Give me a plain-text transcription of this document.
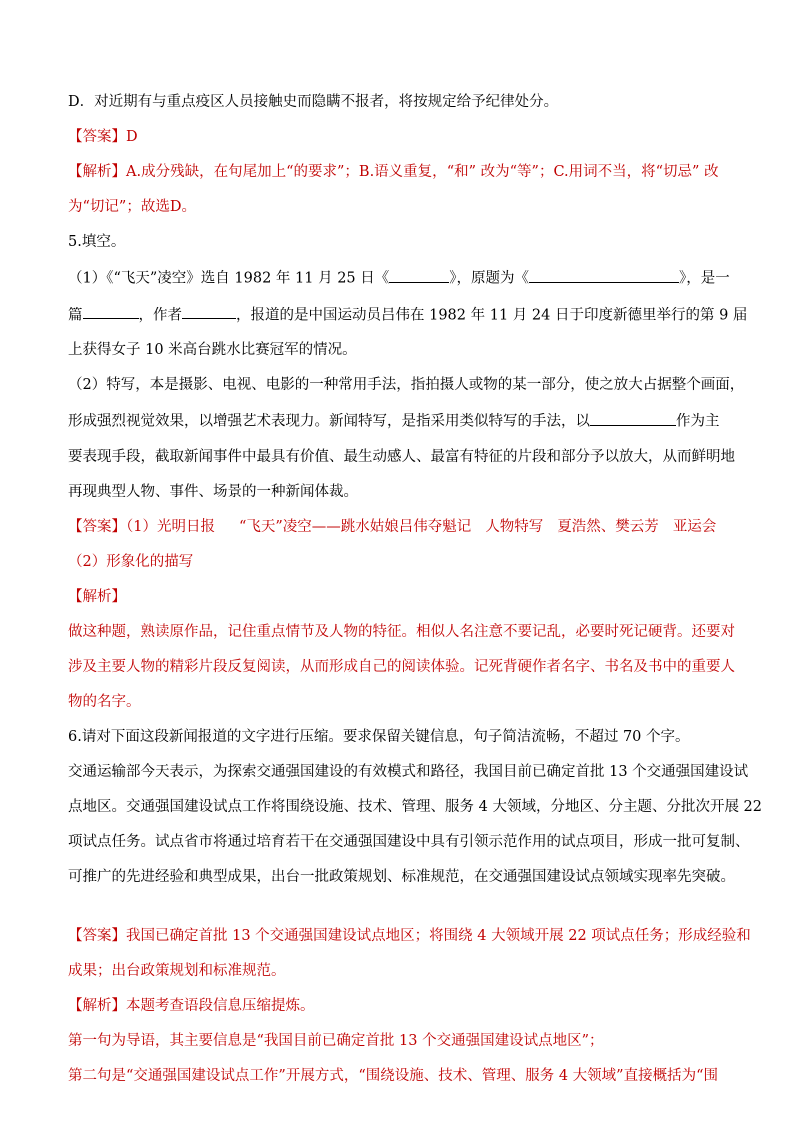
D．对近期有与重点疫区人员接触史而隐瞒不报者，将按规定给予纪律处分。

【答案】D

【解析】A.成分残缺，在句尾加上“的要求”；B.语义重复，“和” 改为“等”；C.用词不当，将“切忌” 改

为“切记”；故选D。

5.填空。

（1）《“飞天”凌空》选自 1982 年 11 月 25 日《	》，原题为《	》，是一

篇	，作者	，报道的是中国运动员吕伟在 1982 年 11 月 24 日于印度新德里举行的第 9 届

上获得女子 10 米高台跳水比赛冠军的情况。

（2）特写，本是摄影、电视、电影的一种常用手法，指拍摄人或物的某一部分，使之放大占据整个画面，

形成强烈视觉效果，以增强艺术表现力。新闻特写，是指采用类似特写的手法，以	作为主

要表现手段，截取新闻事件中最具有价值、最生动感人、最富有特征的片段和部分予以放大，从而鲜明地

再现典型人物、事件、场景的一种新闻体裁。

【答案】（1）光明日报 “飞天”凌空——跳水姑娘吕伟夺魁记 人物特写 夏浩然、樊云芳 亚运会

（2）形象化的描写

【解析】

做这种题，熟读原作品，记住重点情节及人物的特征。相似人名注意不要记乱，必要时死记硬背。还要对

涉及主要人物的精彩片段反复阅读，从而形成自己的阅读体验。记死背硬作者名字、书名及书中的重要人

物的名字。

6.请对下面这段新闻报道的文字进行压缩。要求保留关键信息，句子简洁流畅，不超过 70 个字。

交通运输部今天表示，为探索交通强国建设的有效模式和路径，我国目前已确定首批 13 个交通强国建设试

点地区。交通强国建设试点工作将围绕设施、技术、管理、服务 4 大领域，分地区、分主题、分批次开展 22

项试点任务。试点省市将通过培育若干在交通强国建设中具有引领示范作用的试点项目，形成一批可复制、

可推广的先进经验和典型成果，出台一批政策规划、标准规范，在交通强国建设试点领域实现率先突破。

【答案】我国已确定首批 13 个交通强国建设试点地区；将围绕 4 大领域开展 22 项试点任务；形成经验和

成果；出台政策规划和标准规范。

【解析】本题考查语段信息压缩提炼。

第一句为导语，其主要信息是“我国目前已确定首批 13 个交通强国建设试点地区”；

第二句是“交通强国建设试点工作”开展方式，“围绕设施、技术、管理、服务 4 大领域”直接概括为“围
